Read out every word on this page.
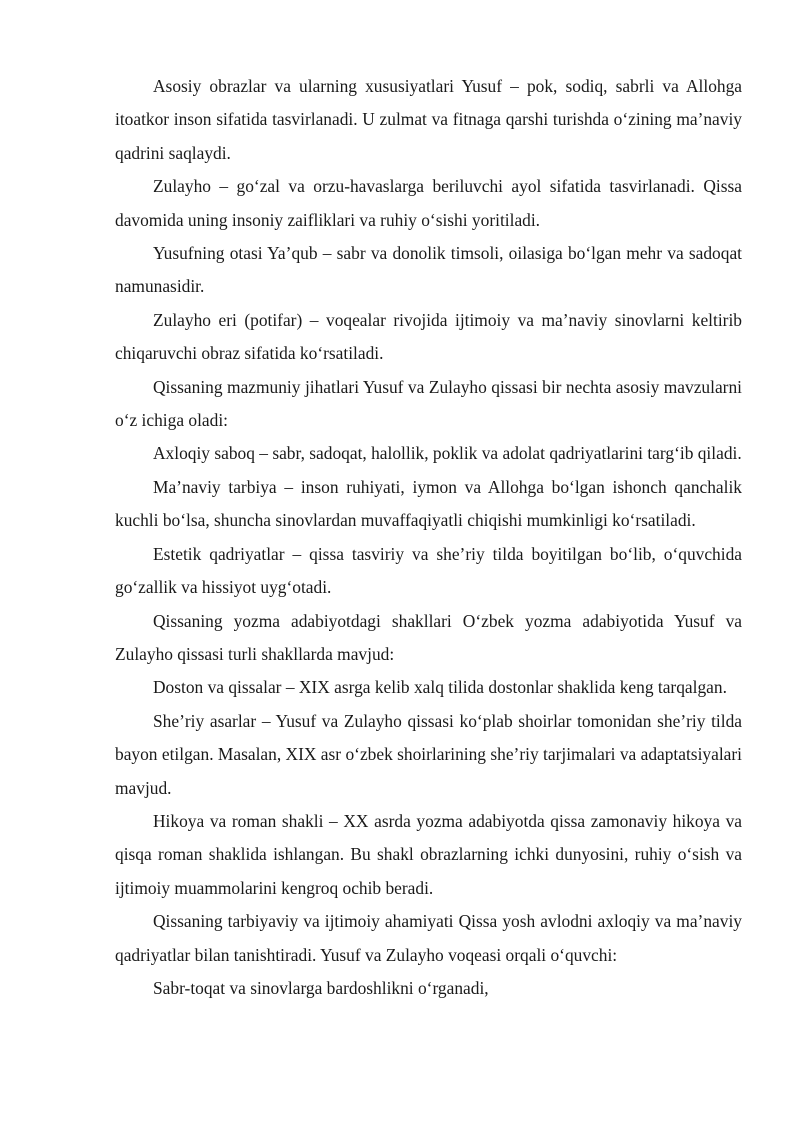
Asosiy obrazlar va ularning xususiyatlari Yusuf – pok, sodiq, sabrli va Allohga itoatkor inson sifatida tasvirlanadi. U zulmat va fitnaga qarshi turishda o‘zining ma’naviy qadrini saqlaydi.

Zulayho – go‘zal va orzu-havaslarga beriluvchi ayol sifatida tasvirlanadi. Qissa davomida uning insoniy zaifliklari va ruhiy o‘sishi yoritiladi.

Yusufning otasi Ya’qub – sabr va donolik timsoli, oilasiga bo‘lgan mehr va sadoqat namunasidir.

Zulayho eri (potifar) – voqealar rivojida ijtimoiy va ma’naviy sinovlarni keltirib chiqaruvchi obraz sifatida ko‘rsatiladi.

Qissaning mazmuniy jihatlari Yusuf va Zulayho qissasi bir nechta asosiy mavzularni o‘z ichiga oladi:

Axloqiy saboq – sabr, sadoqat, halollik, poklik va adolat qadriyatlarini targ‘ib qiladi.

Ma’naviy tarbiya – inson ruhiyati, iymon va Allohga bo‘lgan ishonch qanchalik kuchli bo‘lsa, shuncha sinovlardan muvaffaqiyatli chiqishi mumkinligi ko‘rsatiladi.

Estetik qadriyatlar – qissa tasviriy va she’riy tilda boyitilgan bo‘lib, o‘quvchida go‘zallik va hissiyot uyg‘otadi.

Qissaning yozma adabiyotdagi shakllari O‘zbek yozma adabiyotida Yusuf va Zulayho qissasi turli shakllarda mavjud:

Doston va qissalar – XIX asrga kelib xalq tilida dostonlar shaklida keng tarqalgan.

She’riy asarlar – Yusuf va Zulayho qissasi ko‘plab shoirlar tomonidan she’riy tilda bayon etilgan. Masalan, XIX asr o‘zbek shoirlarining she’riy tarjimalari va adaptatsiyalari mavjud.

Hikoya va roman shakli – XX asrda yozma adabiyotda qissa zamonaviy hikoya va qisqa roman shaklida ishlangan. Bu shakl obrazlarning ichki dunyosini, ruhiy o‘sish va ijtimoiy muammolarini kengroq ochib beradi.

Qissaning tarbiyaviy va ijtimoiy ahamiyati Qissa yosh avlodni axloqiy va ma’naviy qadriyatlar bilan tanishtiradi. Yusuf va Zulayho voqeasi orqali o‘quvchi:

Sabr-toqat va sinovlarga bardoshlikni o‘rganadi,
